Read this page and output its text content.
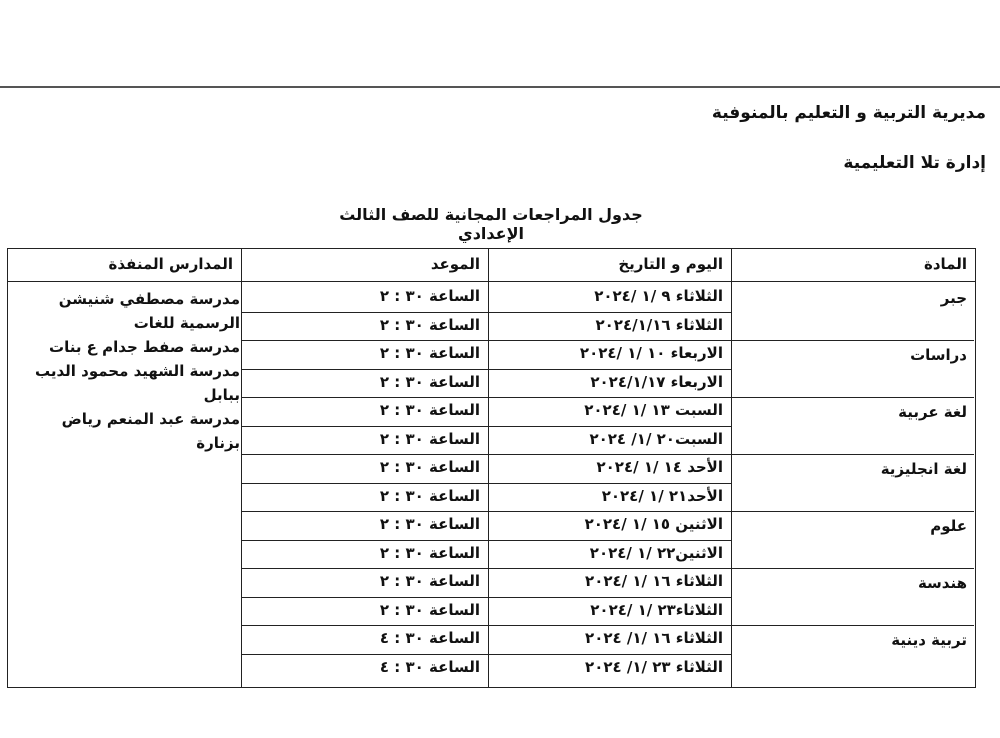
مديرية التربية و التعليم بالمنوفية
إدارة تلا التعليمية
جدول المراجعات المجانية للصف الثالث الإعدادي
المادة
اليوم و التاريخ
الموعد
المدارس المنفذة
جبر
الثلاثاء ٩ /١ /٢٠٢٤
الساعة ٣٠ : ٢
الثلاثاء ٢٠٢٤/١/١٦
الساعة ٣٠ : ٢
دراسات
الاربعاء ١٠ /١ /٢٠٢٤
الساعة ٣٠ : ٢
الاربعاء ٢٠٢٤/١/١٧
الساعة ٣٠ : ٢
لغة عربية
السبت ١٣ /١ /٢٠٢٤
الساعة ٣٠ : ٢
السبت٢٠ /١/ ٢٠٢٤
الساعة ٣٠ : ٢
لغة انجليزية
الأحد ١٤ /١ /٢٠٢٤
الساعة ٣٠ : ٢
الأحد٢١ /١ /٢٠٢٤
الساعة ٣٠ : ٢
علوم
الاثنين ١٥ /١ /٢٠٢٤
الساعة ٣٠ : ٢
الاثنين٢٢ /١ /٢٠٢٤
الساعة ٣٠ : ٢
هندسة
الثلاثاء ١٦ /١ /٢٠٢٤
الساعة ٣٠ : ٢
الثلاثاء٢٣ /١ /٢٠٢٤
الساعة ٣٠ : ٢
تربية دينية
الثلاثاء ١٦ /١/ ٢٠٢٤
الساعة ٣٠ : ٤
الثلاثاء ٢٣ /١/ ٢٠٢٤
الساعة ٣٠ : ٤
مدرسة مصطفي شنيشن
الرسمية للغات
مدرسة صفط جدام ع بنات
مدرسة الشهيد محمود الديب
ببابل
مدرسة عبد المنعم رياض
بزنارة
